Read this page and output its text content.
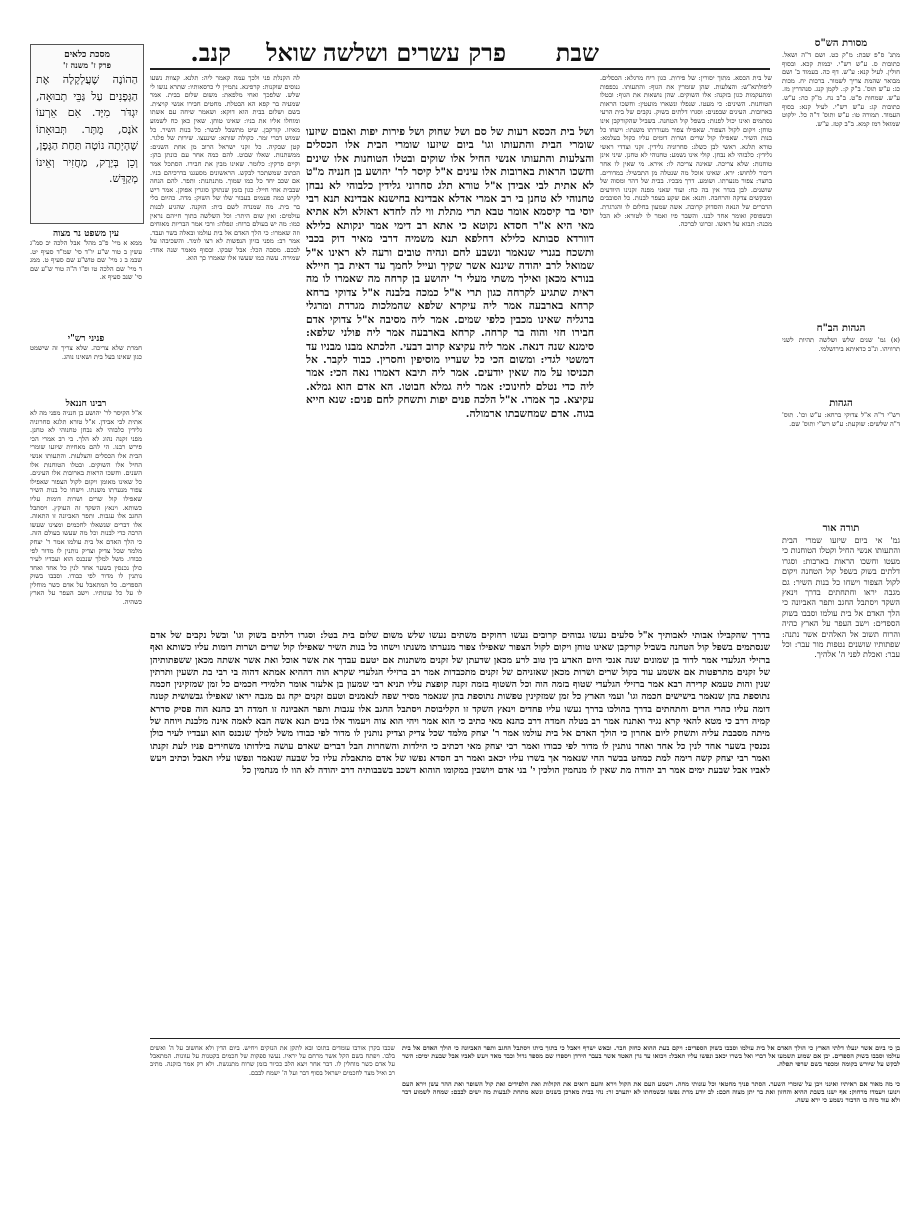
שואל פרק עשרים ושלשה שבת
קנב.	מסורת הש"ס
מתנ' ס"פ שבת: מ"ק כט. ושם ד"ה ושאל. כתובות ס. ע"ש רש"י. יבמות קכא. ובסוף חולין. לעיל קנא: ע"ש. דף כה. בעמוד ב' ושם מבואר שהמת צריך לשמור. ברכות יח. מכות כג: ע"ש תוס'. ב"ק ק:. לקמן קנג. סנהדרין מז. ע"ש. שמחות פ"ט. ב"ב נח. מ"ק כה: ע"ש. כתובות קג: ע"ש רש"י. לעיל קנא: בסוף העמוד. תמורה טו: ע"ש ותוס' ד"ה כל. ילקוט שמואל רמז קמא. ב"ב קטז. ע"ש.
הגהות הב"ח
(א) גמ' שנים שלש ושלשה תהיות לשני תרוויהו. ונ"ב כדאיתא בירושלמי.
הגהות
רש"י ד"ה א"ל צדוקי ברחא: ע"ש וכו'. תוס' ד"ה שלשים: שוקעת: ע"ש רש"י ותוס' שם.
תורה אור
גמ' אי ביום שיזעו שמרי הבית והתעותו אנשי החיל וקטלו הטוחנות כי מעטו וחשכו הראות בארבות: וסגרו דלתים בשוק בשפל קול הטחנה ויקום לקול הצפור וישחו כל בנות השיר: גם מגבה יראו וחתחתים בדרך וינאץ השקד ויסתבל החגב ותפר האביונה כי הלך האדם אל בית עולמו וסבבו בשוק הספדים: וישב העפר על הארץ כהיה והרוח תשוב אל האלהים אשר נתנה: שפתותיו שושנים נטפות מור עבר: וכל עבר: ואכלת לפני ה' אלהיך.
מסכת כלאים
פרק ז' משנה ז'
הַהוֹנֶה שֶׁעֲלְקָלָה אֶת הַגְּפָנִים עַל גַּבֵּי תְבוּאָה, יִגְדֹּר מִיָּד. אִם אֵרְעוֹ אֹנֶס, מֻתָּר. תְּבוּאָתוֹ שֶׁהָיְתָה נוֹטָה תַּחַת הַגֶּפֶן, וְכֵן בְּיָרָק, מַחֲזִיר וְאֵינוֹ מְקַדֵּשׁ.
עין משפט נר מצוה
ממא א מיי' פ"ב מהל' אבל הלכה יב סמ"ג עשין ב טור ש"ע יו"ד סי' שמ"ד סעיף יט. שבמ ב ג מיי' שם טוש"ע שם סעיף ט. ממג ד מיי' שם הלכה טו ופ"ו ה"ה טור ש"ע שם סי' שנב סעיף א.
פניני רש"י
חמרת שלא צריכה. שלא צריך זה שישמט כגון שאינו בעל בית ושאינו נוהג.
רבינו חננאל
א"ל הקיסר לר' יהושע בן חנניה מפני מה לא אתית לבי אבידן. א"ל טורא תלגא סחרוניה גלידין כלבוהי לא נבחן טחנוהי לא טחנן. מפני זקנה נהוג לא הלך. בי רב אמרי הכי פירש רבנו. הי להם מאחיות שיזעו שומרי הבית אלו הכסלים והצלעות. והתעותו אנשי החיל אלו השוקים. ובטלו הטוחנות אלו השנים. וחשכו הראות בארובות אלו העינים. כל שאינו מאומן ויקום לקול הצפור שאפילו צפור מנערתו משנתו. וישחו כל בנות השיר שאפילו קול שרים ושרות דומות עליו כשותא. וינאץ השקד זה העוקץ. ויסתבל החגב אלו עגבות. ותפר האביונה זו התאוה. אלו דברים שנשאלו לחכמים ומצינו שעשו הרבה כדי לבנות וכל מה שעשו בעולם הזה. כי הלך האדם אל בית עולמו אמר ר' יצחק מלמד שכל צדיק וצדיק נותנין לו מדור לפי כבודו. משל למלך שנכנס הוא ועבדיו לעיר כולן נכנסין בשער אחד לנין כל אחד ואחד נותנין לו מדור לפי כבודו. וסבבו בשוק הספדים. כל המתאבל על אדם כשר מוחלין לו על כל עונותיו. וישב העפר על הארץ כשהיה.
של בית הכסא. מתוך יסורין: של פירות. כגון ריח מרגלא: הכסלים. ליפולתא"ש: והצלעות. שהן שומרין את הגוף: והתעותו. נכפפות ומתעקמות כגון בזקנה: אלו השוקים. שהן נושאות את הגוף: ובטלו הטוחנות. השינים: כי מעטו. שנפלו ונשארו מועטין: וחשכו הראות בארובות. העינים שבפנים: וסגרו דלתים בשוק. נקבים של בית הרעי נסתמים ואינו יכול לפנות: בשפל קול הטחנה. בשביל שהקורקבן אינו טוחן: ויקום לקול הצפור. שאפילו צפור מעוררתו משנתו: וישחו כל בנות השיר. שאפילו קול שרים ושרות דומים עליו כקול בעלמא: טורא תלגא. ראשי לבן כשלג: סחרוניה גלידין. זקני וצדדי ראשי גלידין: כלבוהי לא נבחן. קולי אינו נשמע: טחנוהי לא טחנן. שיני אינן טוחנות: שלא צריכה. שאינה צריכה לו: אירא. מי שאין לו אחר דיבור ללחוש: ירא. שאינו אוכל מה שנטלה מן התבשיל: במדורים. בחצר: צפור מנערתו. ושומע. דרך מבכיו. בבית של דהר ומסוה של שושנים. לבן בגדר אין בה כח: ועוד שאני מפנה זקנינו היודעים ומבקשים צדקה והרחבה. ותנא: אם שקע בעפר לבנות. כל הסובבים הדברים של הנאה והסדוק קרובה. אשה שמעון בחלום לו והגרגרת. וכשפוסק ואומר אחד לבנו. והשבר פיו ואמר לו לטורא: לא הכל מכנה: תבוא על ראשו. זכרונו לברכה.
לה הקנלת פני ולכך עמה קאמר ליה: תלנא. קצוות נשעו גנוסים שוקנות: קרפינא. נתמיין לי כרסאותיו: שתרא נגשו לי שלש. שלפכך ואחי מלפאת: משום שלום בבית. אמר שמעיה בר קפא הא הבטלת. מחטים חבירו אנשי קויצית. בשם ושלום בבית הוא דוקא: ושאמר שיחה עם אשתו ומוחלו אליו את בניו: שאינו טוחן. שאין כאן כח לשמוע מאיזו. קורקבן. שיט מתשבל לבשר: כל בנות השיר. כל שמוש דברי זמר. כקולה שותא: שינעצו. שירות של פלגר. קטן שבקיה. כל זקני ישראל הרוב מן אחת השנים: ממשתנות. שאלו שבוט. להם כמה אחר עם כונתן בהן: וקיים פרקין: כלומר. שאינו מבין את חבירו. הסתכל אמר הכתוב שמשתכר לבקש. הראשונים מסעגנו בדרכיהם בניו. אם שכב יחד כל כמו שמוך. מתנתנות: ותפר. להם הנחה שבבית אחי חייל: כגון בזמן שנתוקן סוגרין אפוקן. אמר ריש לקיש כמה פעמים בעבור שלו של השוק: מדה. כהיום בלי בר בית. מה שמנדה לשם בית: הזקנה. שהגיע לבנות עולמים: ואין שום היתר: וכל השלשה בתוך חייהם נראין כמו: מה יש בעולם ברוח: ונפלה: ורבי אמר הבריות מאוחים וזה שאמרו: כי הלך האדם אל בית עולמו ובאלה בשר ועבד. אמר רב: מפני בזיון הנפשות לא רצו לומר. והשכיבהו על לבכם. מסבה הכל: אבל שבקו. ובסוף מאמר שנה אחד: שמירה. עשה כמו שעשו אלו שאמרו כך הוא.
ושל בית הכסא רעות של סם ושל שחוק ושל פירות יפות ואבום שיזעו שומרי הבית והתעותו וגו' ביום שיזעו שומרי הבית אלו הכסלים והצלעות והתעותו אנשי החיל אלו שוקים ובטלו הטוחנות אלו שינים וחשכו הראות בארובות אלו עינים א"ל קיסר לר' יהושע בן חנניה מ"ט לא אתית לבי אבידן א"ל טורא תלג סחרוני גלידין כלבוהי לא נבחן טחנוהי לא טחנן בי רב אמרי אדלא אבדינא בחישנא אבדינא תנא רבי יוסי בר קיסמא אומר טבא תרי מתלת ווי לה לחדא דאזלא ולא אתיא מאי היא א"ר חסדא נקוטא כי אתא רב דימי אמר ינקותא כלילא דוורדא סבותא כלילא דחלפא תנא משמיה דרבי מאיר דוק בכבי ותשכח בגנרי שנאמר ונשבע לחם ונהיה טובים ורעה לא ראינו א"ל שמואל לרב יהודה שיננא אשר שקיך ועייל לחמך עד דאית בך חיילא בנורא מכאן ואילך משתי מעלי ר' יהושע בן קרחה מה שאמרו לו מה ראית שתגיע לקרחה כגון תרי א"ל כמכה בלבנה א"ל צדוקי ברחא קרחא בארבעה אמר ליה עיקרא שלפא שהמלכות מגרדת ומרגלי ברגליה שאינו מכבין כלפי שמים. אמר ליה מסיבה א"ל צדוקי אדם חבירו חזי והוה בר קרחה. קרחא בארבעה אמר ליה פולני שלפא: סימנא שנה דנאה. אמר ליה עקיצא קרוב דבעי. הלכתא מבנו מבניו עד דמשטי לגדי: ומשום הכי כל שעריו מוסיפין וחסרין. כבוד לקבר. אל תכניסו על מה שאין יודעים. אמר ליה תיבא דאמרו נאה הכי: אמר ליה כדי נטלם לחינוכי: אמר ליה גמלא חבוטו. הא אדם הוא גמלא. עקיצא. כך אמרו. א"ל הלכה פנים יפות ותשחק לחם פנים: שנא חייא בגוה. אדם שמחשבתו ארמולה.
בדרך שהקבילו אבותי לאבותיך א"ל סלעים נעשו גבוהים קרובים נעשו רחוקים משתים נעשו שלש משום שלום בית בטל: וסגרו דלתים בשוק וגו' ובשל נקבים של אדם שנסתמים בשפל קול הטחנה בשביל קורקבן שאינו טוחן ויקום לקול הצפור שאפילו צפור מנערתו משנתו וישחו כל בנות השיר שאפילו קול שרים ושרות דומות עליו כשותא ואף ברזילי הגלעדי אמר לדוד בן שמונים שנה אנכי היום האדע בין טוב לרע מכאן שדעתן של זקנים משתנות אם יטעם עבדך את אשר אוכל ואת אשר אשתה מכאן ששפתותיהן של זקנים מתרפטות אם אשמע עוד בקול שרים ושרות מכאן שאזניהם של זקנים מתכבדות אמר רב ברזילי הגלעדי שקרא הוה דההיא אמתא דהוה בי רבי בת תשעין ותרתין שנין והות טעמא קדירה רבא אמר ברזילי הגלעדי שטוף בזמה הוה וכל השטוף בזמה זקנה קופצת עליו תניא רבי שמעון בן אלעזר אומר תלמידי חכמים כל זמן שמזקינין חכמה נתוספת בהן שנאמר בישישים חכמה וגו' ועמי הארץ כל זמן שמזקינין טפשות נתוספת בהן שנאמר מסיר שפה לנאמנים וטעם זקנים יקח גם מגבה יראו שאפילו גבשושית קטנה דומה עליו כהרי הרים וחתחתים בדרך בהולכו בדרך נעשו עליו פחדים וינאץ השקד זו הקליבוסת ויסתבל החגב אלו עגבות ותפר האביונה זו חמדה רב כהנא הוה פסיק סדרא קמיה דרב כי מטא להאי קרא נגיד ואתנח אמר רב בטלה חמדה דרב כהנא מאי כתיב כי הוא אמר ויהי הוא צוה ויעמוד אלו בנים תנא אשה הבא לאמה אינה מלבנת ויוחה של מיתה מסבבת עליה ותשחק ליום אחרון כי הולך האדם אל בית עולמו אמר ר' יצחק מלמד שכל צדיק וצדיק נותנין לו מדור לפי כבודו משל למלך שנכנס הוא ועבדיו לעיר כולן נכנסין בשער אחד לנין כל אחד ואחד נותנין לו מדור לפי כבודו ואמר רבי יצחק מאי דכתיב כי הילדות והשחרות הבל דברים שאדם עושה בילדותו משחירים פניו לעת זקנתו ואמר רבי יצחק קשה רימה למת כמחט בבשר החי שנאמר אך בשרו עליו יכאב ואמר רב חסדא נפשו של אדם מתאבלת עליו כל שבעה שנאמר ונפשו עליו תאבל וכתיב ויעש לאביו אבל שבעת ימים אמר רב יהודה מת שאין לו מנחמין הולכין י' בני אדם ויושבין במקומו הוהוא דשכב בשבבותיה דרב יהודה לא הוו לו מנחמין כל
שכבו בקרן אורבו עומדים בתוכו ובא לתקן את הנזקים ויחיש. ביום הדין ולא אחשוב על ה' ואשים בלבו. ויפתח בשם הקל אשר מרחם על יראיו. נעשו ספקות של חכמים בקטנות על עוונות. המתאבל על אדם כשר מוחלין לו. דבר אחר ויצא הלב ככיור בזמן שרוח מתנגשת. ולא רק אמר בזקנה. מתיב רב ואיל מצר לחכמים ישראל בסוף דבר ועל ה' ישמח לבבם.
בן כי ביום אשר ינעלו דלתי הארץ כי הולך האדם אל בית עולמו וסבבו בשוק הספדים: ויקם בעת ההוא כחזק חבר. ובאש ישרף ויאבל כי בתוך ביתו ויסתבל החגב ותפר האביונה כי הולך האדם אל בית עולמו וסבבו בשוק הספדים. יבן אם שמוע תשמעו אל דברי ואל בשרו יכאב ונפשו עליו תאבל: ויבואו עד גרן האטד אשר בעבר הירדן ויספדו שם מספד גדול וכבד מאד ויעש לאביו אבל שבעת ימים: השר לבקש על שיורש בקומה ומכפר בשם שרפי תפלה.
כי מה מאור אם ראיתיו ואינני ויבן על שומרי השער. הסתר פניך מחטאי וכל עונותי מחה. וישמע העם את הקול וירא והעם רואים את הקולות ואת הלפידים ואת קול השופר ואת ההר עשן וירא העם וינועו ויעמדו מרחוק: אף ישנו בשבת ההיא והחזון ואת בר יתן מצוה חכם: לב יודע מרת נפשו ובשמחתו לא יתערב זר: נהי בבית מארכן בשנים ונשא מתחת לגבעות מה ישים לבבם: שמחה לשמוע דבר ולא עוד מזה בו הדבור נשמע כי ירא עשה.
